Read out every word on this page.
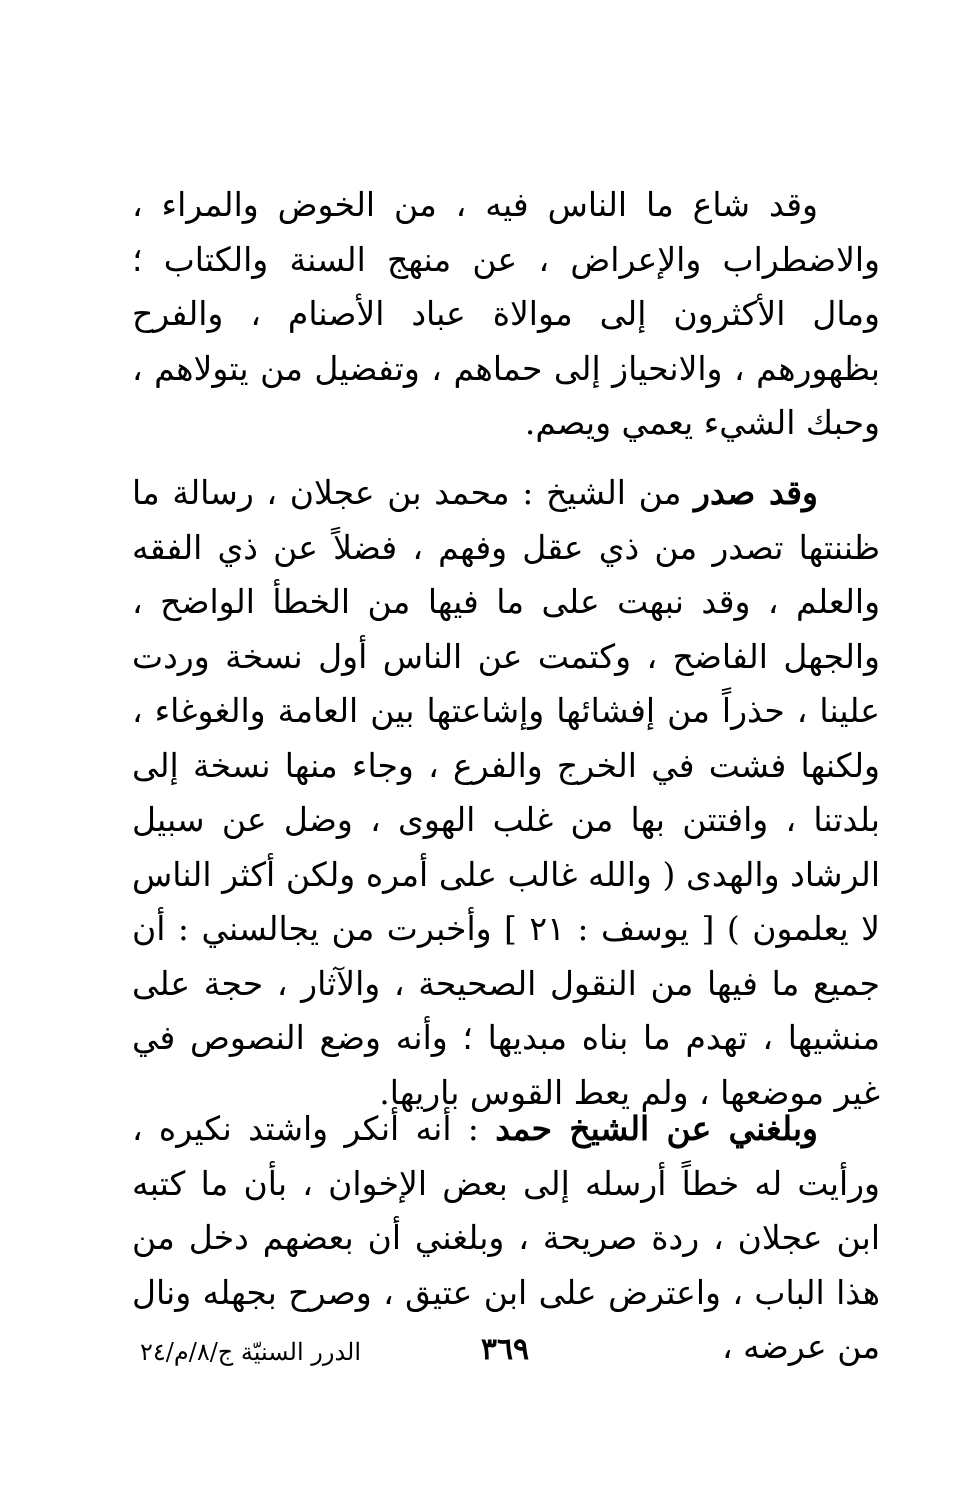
وقد شاع ما الناس فيه ، من الخوض والمراء ، والاضطراب والإعراض ، عن منهج السنة والكتاب ؛ ومال الأكثرون إلى موالاة عباد الأصنام ، والفرح بظهورهم ، والانحياز إلى حماهم ، وتفضيل من يتولاهم ، وحبك الشيء يعمي ويصم.

وقد صدر من الشيخ : محمد بن عجلان ، رسالة ما ظننتها تصدر من ذي عقل وفهم ، فضلاً عن ذي الفقه والعلم ، وقد نبهت على ما فيها من الخطأ الواضح ، والجهل الفاضح ، وكتمت عن الناس أول نسخة وردت علينا ، حذراً من إفشائها وإشاعتها بين العامة والغوغاء ، ولكنها فشت في الخرج والفرع ، وجاء منها نسخة إلى بلدتنا ، وافتتن بها من غلب الهوى ، وضل عن سبيل الرشاد والهدى ( والله غالب على أمره ولكن أكثر الناس لا يعلمون ) [ يوسف : ٢١ ] وأخبرت من يجالسني : أن جميع ما فيها من النقول الصحيحة ، والآثار ، حجة على منشيها ، تهدم ما بناه مبديها ؛ وأنه وضع النصوص في غير موضعها ، ولم يعط القوس باريها.

وبلغني عن الشيخ حمد : أنه أنكر واشتد نكيره ، ورأيت له خطاً أرسله إلى بعض الإخوان ، بأن ما كتبه ابن عجلان ، ردة صريحة ، وبلغني أن بعضهم دخل من هذا الباب ، واعترض على ابن عتيق ، وصرح بجهله ونال من عرضه ،

٣٦٩
الدرر السنيّة ج/٨/م/٢٤
